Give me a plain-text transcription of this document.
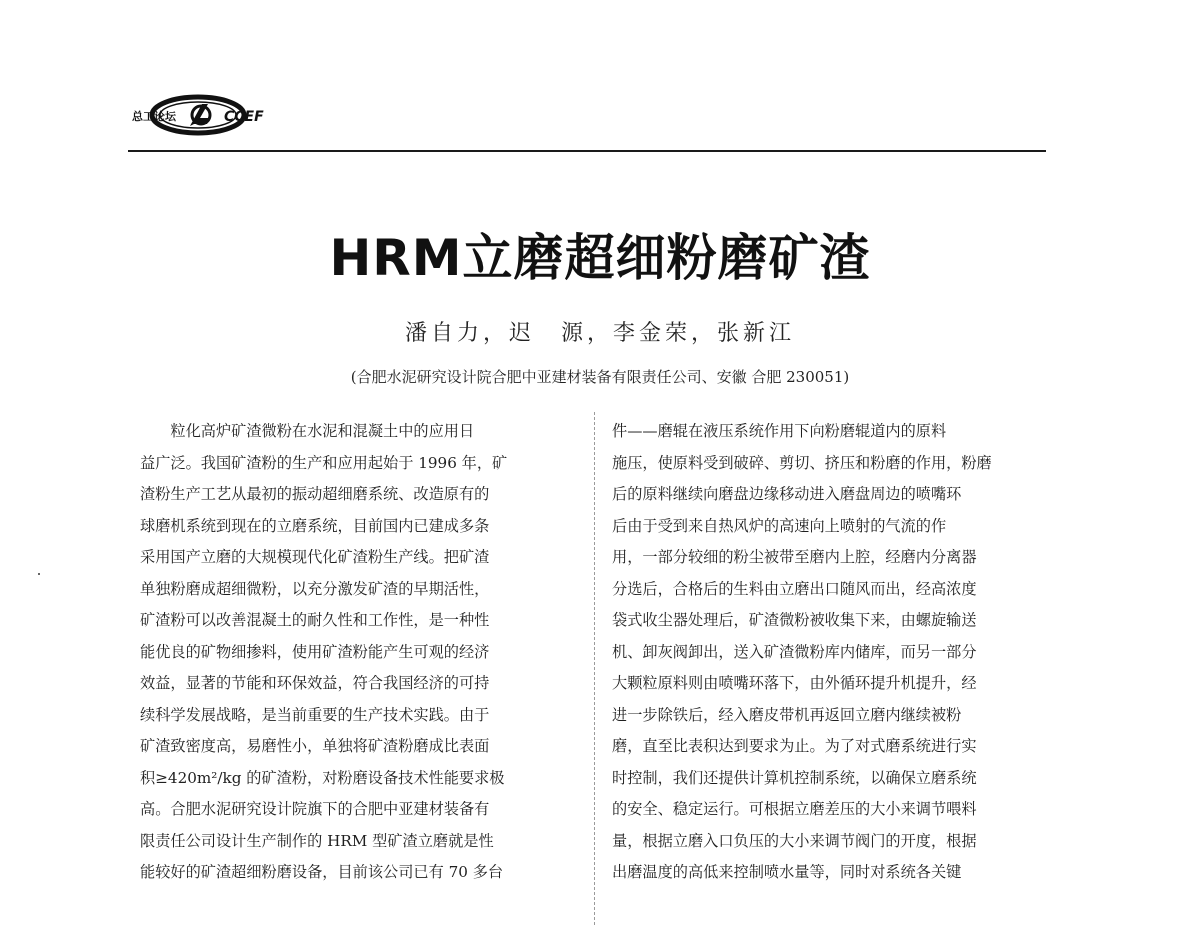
总工论坛	CCEF
HRM立磨超细粉磨矿渣
潘自力，迟　源，李金荣，张新江
(合肥水泥研究设计院合肥中亚建材装备有限责任公司、安徽 合肥 230051)
　　粒化高炉矿渣微粉在水泥和混凝土中的应用日
益广泛。我国矿渣粉的生产和应用起始于 1996 年，矿
渣粉生产工艺从最初的振动超细磨系统、改造原有的
球磨机系统到现在的立磨系统，目前国内已建成多条
采用国产立磨的大规模现代化矿渣粉生产线。把矿渣
单独粉磨成超细微粉，以充分激发矿渣的早期活性，
矿渣粉可以改善混凝土的耐久性和工作性，是一种性
能优良的矿物细掺料，使用矿渣粉能产生可观的经济
效益，显著的节能和环保效益，符合我国经济的可持
续科学发展战略，是当前重要的生产技术实践。由于
矿渣致密度高，易磨性小，单独将矿渣粉磨成比表面
积≥420m²/kg 的矿渣粉，对粉磨设备技术性能要求极
高。合肥水泥研究设计院旗下的合肥中亚建材装备有
限责任公司设计生产制作的 HRM 型矿渣立磨就是性
能较好的矿渣超细粉磨设备，目前该公司已有 70 多台
件——磨辊在液压系统作用下向粉磨辊道内的原料
施压，使原料受到破碎、剪切、挤压和粉磨的作用，粉磨
后的原料继续向磨盘边缘移动进入磨盘周边的喷嘴环
后由于受到来自热风炉的高速向上喷射的气流的作
用，一部分较细的粉尘被带至磨内上腔，经磨内分离器
分选后，合格后的生料由立磨出口随风而出，经高浓度
袋式收尘器处理后，矿渣微粉被收集下来，由螺旋输送
机、卸灰阀卸出，送入矿渣微粉库内储库，而另一部分
大颗粒原料则由喷嘴环落下，由外循环提升机提升，经
进一步除铁后，经入磨皮带机再返回立磨内继续被粉
磨，直至比表积达到要求为止。为了对式磨系统进行实
时控制，我们还提供计算机控制系统，以确保立磨系统
的安全、稳定运行。可根据立磨差压的大小来调节喂料
量，根据立磨入口负压的大小来调节阀门的开度，根据
出磨温度的高低来控制喷水量等，同时对系统各关键
